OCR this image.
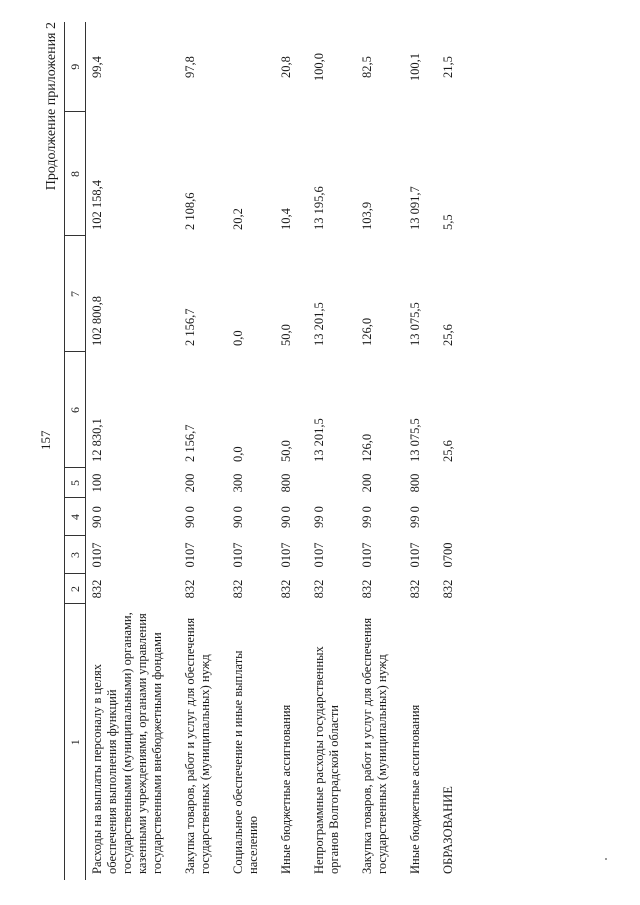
157
Продолжение приложения 2
1	2	3	4	5	6	7	8	9
Расходы на выплаты персоналу в целях обеспечения выполнения функций государственными (муниципальными) органами, казенными учреждениями, органами управления государственными внебюджетными фондами	832	0107	90 0	100	12 830,1	102 800,8	102 158,4	99,4
Закупка товаров, работ и услуг для обеспечения государственных (муниципальных) нужд	832	0107	90 0	200	2 156,7	2 156,7	2 108,6	97,8
Социальное обеспечение и иные выплаты населению	832	0107	90 0	300	0,0	0,0	20,2	
Иные бюджетные ассигнования	832	0107	90 0	800	50,0	50,0	10,4	20,8
Непрограммные расходы государственных органов Волгоградской области	832	0107	99 0		13 201,5	13 201,5	13 195,6	100,0
Закупка товаров, работ и услуг для обеспечения государственных (муниципальных) нужд	832	0107	99 0	200	126,0	126,0	103,9	82,5
Иные бюджетные ассигнования	832	0107	99 0	800	13 075,5	13 075,5	13 091,7	100,1
ОБРАЗОВАНИЕ	832	0700			25,6	25,6	5,5	21,5
